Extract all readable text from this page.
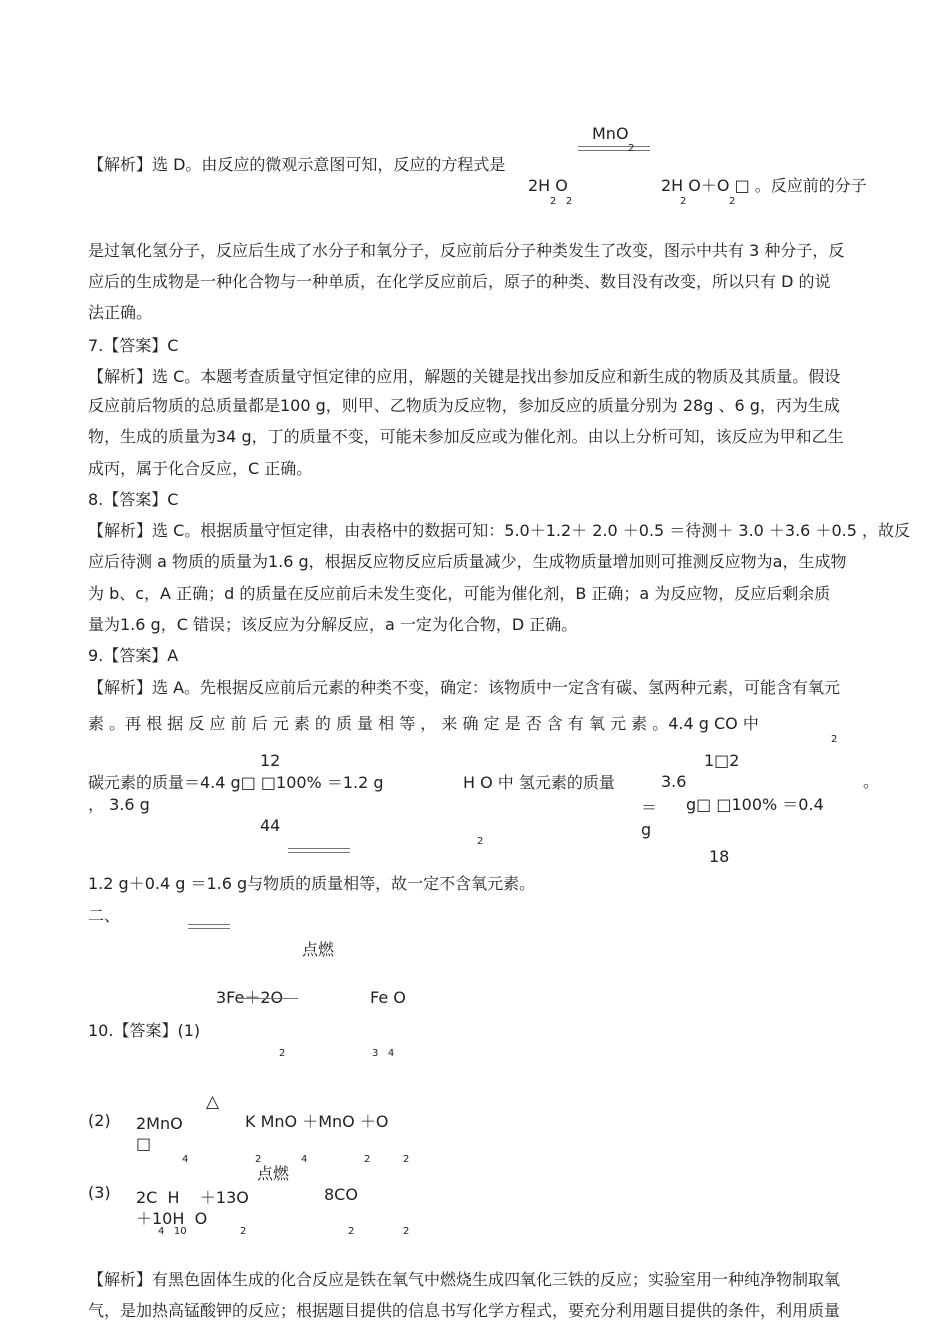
MnO
2
【解析】选 D。由反应的微观示意图可知，反应的方程式是
2H O
2   2
2H O＋O □ 。反应前的分子
2	2
是过氧化氢分子，反应后生成了水分子和氧分子，反应前后分子种类发生了改变，图示中共有 3 种分子，反
应后的生成物是一种化合物与一种单质，在化学反应前后，原子的种类、数目没有改变，所以只有 D 的说
法正确。
7.【答案】C
【解析】选 C。本题考查质量守恒定律的应用，解题的关键是找出参加反应和新生成的物质及其质量。假设
反应前后物质的总质量都是100 g，则甲、乙物质为反应物，参加反应的质量分别为 28g 、6 g，丙为生成
物，生成的质量为34 g，丁的质量不变，可能未参加反应或为催化剂。由以上分析可知，该反应为甲和乙生
成丙，属于化合反应，C 正确。
8.【答案】C
【解析】选 C。根据质量守恒定律，由表格中的数据可知：5.0＋1.2＋ 2.0 ＋0.5 ＝待测＋ 3.0 ＋3.6 ＋0.5 ，故反
应后待测 a 物质的质量为1.6 g，根据反应物反应后质量减少，生成物质量增加则可推测反应物为a，生成物
为 b、c，A 正确；d 的质量在反应前后未发生变化，可能为催化剂，B 正确；a 为反应物，反应后剩余质
量为1.6 g，C 错误；该反应为分解反应，a 一定为化合物，D 正确。
9.【答案】A
【解析】选 A。先根据反应前后元素的种类不变，确定：该物质中一定含有碳、氢两种元素，可能含有氧元
素 。再 根 据 反 应 前 后 元 素 的 质 量 相 等 ， 来 确 定 是 否 含 有 氧 元 素 。4.4 g CO 中
2
12	1□2
碳元素的质量＝4.4 g□ □100% ＝1.2 g	H O 中 氢元素的质量	3.6	。
， 3.6 g	＝
g
g□ □100% ＝0.4
44
2
18
1.2 g＋0.4 g ＝1.6 g与物质的质量相等，故一定不含氧元素。
二、
点燃
3Fe＋2O	Fe O
10.【答案】(1)
2	3   4
△
(2) 2MnO
□
K MnO ＋MnO ＋O
4	2	4	2	2
点燃
(3) 2C  H    ＋13O
＋10H  O
8CO
4   10	2	2	2
【解析】有黑色固体生成的化合反应是铁在氧气中燃烧生成四氧化三铁的反应；实验室用一种纯净物制取氧
气，是加热高锰酸钾的反应；根据题目提供的信息书写化学方程式，要充分利用题目提供的条件，利用质量
